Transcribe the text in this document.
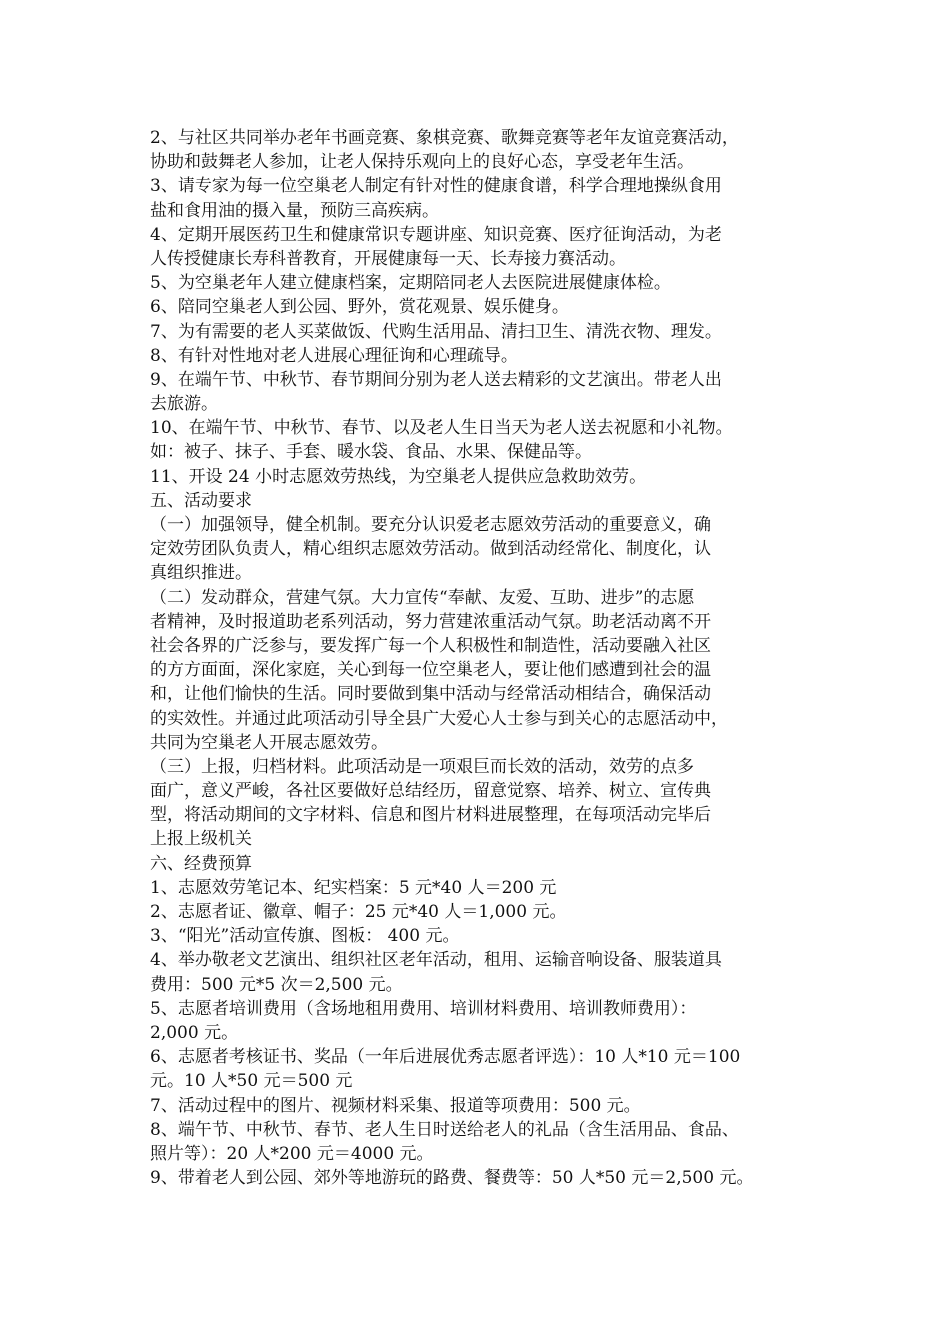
2、与社区共同举办老年书画竞赛、象棋竞赛、歌舞竞赛等老年友谊竞赛活动，
协助和鼓舞老人参加，让老人保持乐观向上的良好心态，享受老年生活。
3、请专家为每一位空巢老人制定有针对性的健康食谱，科学合理地操纵食用
盐和食用油的摄入量，预防三高疾病。
4、定期开展医药卫生和健康常识专题讲座、知识竞赛、医疗征询活动，为老
人传授健康长寿科普教育，开展健康每一天、长寿接力赛活动。
5、为空巢老年人建立健康档案，定期陪同老人去医院进展健康体检。
6、陪同空巢老人到公园、野外，赏花观景、娱乐健身。
7、为有需要的老人买菜做饭、代购生活用品、清扫卫生、清洗衣物、理发。
8、有针对性地对老人进展心理征询和心理疏导。
9、在端午节、中秋节、春节期间分别为老人送去精彩的文艺演出。带老人出
去旅游。
10、在端午节、中秋节、春节、以及老人生日当天为老人送去祝愿和小礼物。
如：被子、抹子、手套、暖水袋、食品、水果、保健品等。
11、开设 24 小时志愿效劳热线，为空巢老人提供应急救助效劳。
五、活动要求
（一）加强领导，健全机制。要充分认识爱老志愿效劳活动的重要意义，确
定效劳团队负责人，精心组织志愿效劳活动。做到活动经常化、制度化，认
真组织推进。
（二）发动群众，营建气氛。大力宣传“奉献、友爱、互助、进步”的志愿
者精神，及时报道助老系列活动，努力营建浓重活动气氛。助老活动离不开
社会各界的广泛参与，要发挥广每一个人积极性和制造性，活动要融入社区
的方方面面，深化家庭，关心到每一位空巢老人，要让他们感遭到社会的温
和，让他们愉快的生活。同时要做到集中活动与经常活动相结合，确保活动
的实效性。并通过此项活动引导全县广大爱心人士参与到关心的志愿活动中，
共同为空巢老人开展志愿效劳。
（三）上报，归档材料。此项活动是一项艰巨而长效的活动，效劳的点多
面广，意义严峻，各社区要做好总结经历，留意觉察、培养、树立、宣传典
型，将活动期间的文字材料、信息和图片材料进展整理，在每项活动完毕后
上报上级机关
六、经费预算
1、志愿效劳笔记本、纪实档案：5 元*40 人＝200 元
2、志愿者证、徽章、帽子：25 元*40 人＝1,000 元。
3、“阳光”活动宣传旗、图板： 400 元。
4、举办敬老文艺演出、组织社区老年活动，租用、运输音响设备、服装道具
费用：500 元*5 次＝2,500 元。
5、志愿者培训费用（含场地租用费用、培训材料费用、培训教师费用）：
2,000 元。
6、志愿者考核证书、奖品（一年后进展优秀志愿者评选）：10 人*10 元＝100
元。10 人*50 元＝500 元
7、活动过程中的图片、视频材料采集、报道等项费用：500 元。
8、端午节、中秋节、春节、老人生日时送给老人的礼品（含生活用品、食品、
照片等）：20 人*200 元＝4000 元。
9、带着老人到公园、郊外等地游玩的路费、餐费等：50 人*50 元＝2,500 元。
